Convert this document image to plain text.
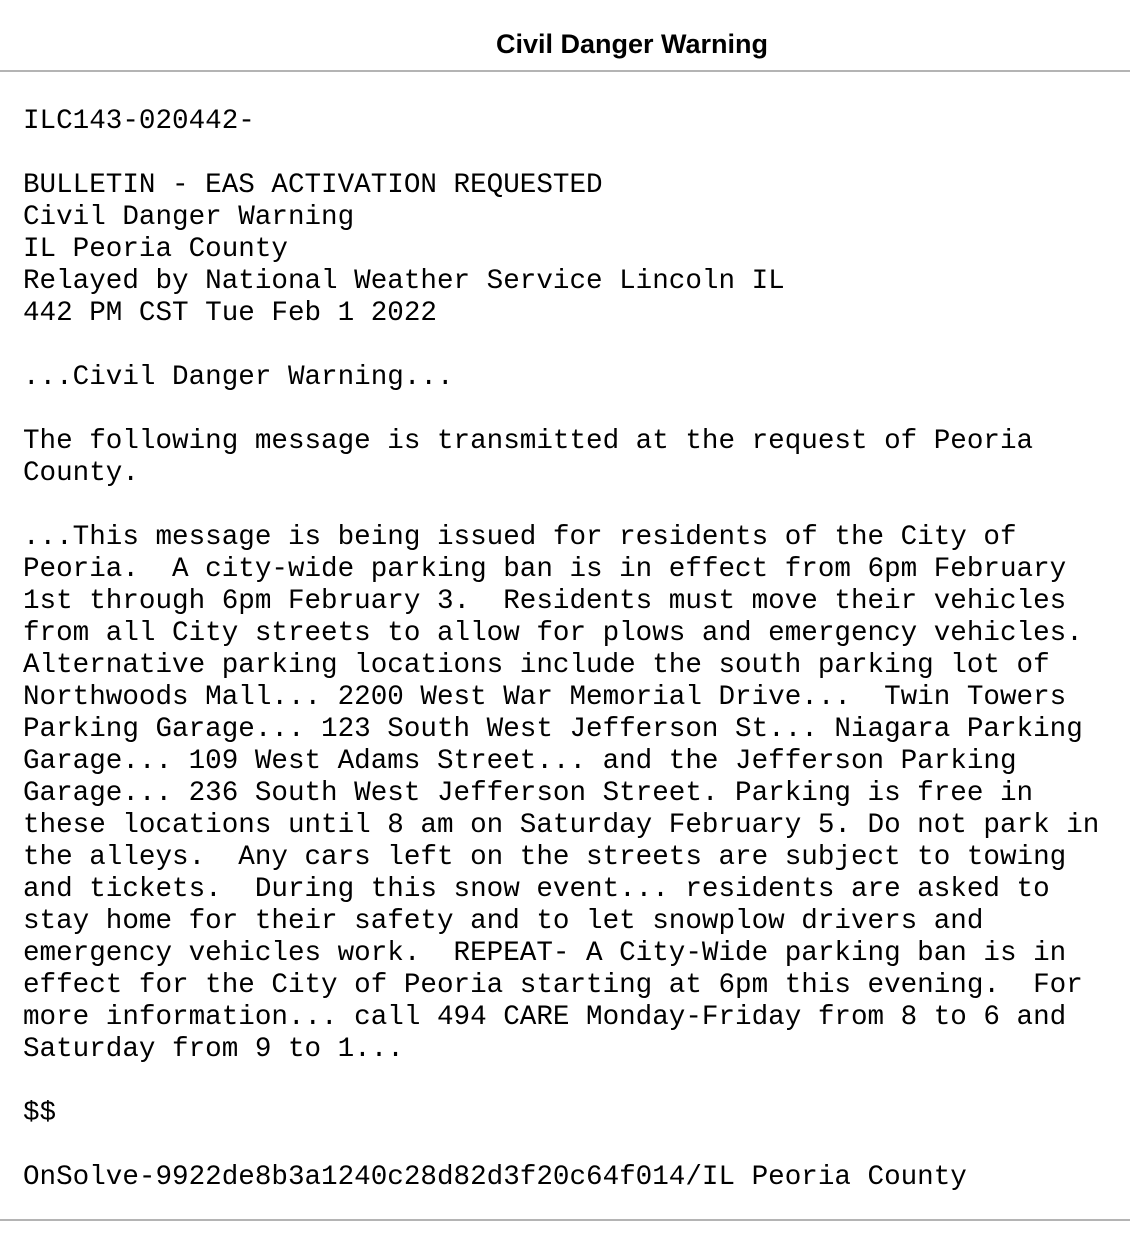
Civil Danger Warning
ILC143-020442-

BULLETIN - EAS ACTIVATION REQUESTED
Civil Danger Warning
IL Peoria County
Relayed by National Weather Service Lincoln IL
442 PM CST Tue Feb 1 2022

...Civil Danger Warning...

The following message is transmitted at the request of Peoria
County.

...This message is being issued for residents of the City of
Peoria.  A city-wide parking ban is in effect from 6pm February
1st through 6pm February 3.  Residents must move their vehicles
from all City streets to allow for plows and emergency vehicles.
Alternative parking locations include the south parking lot of
Northwoods Mall... 2200 West War Memorial Drive...  Twin Towers
Parking Garage... 123 South West Jefferson St... Niagara Parking
Garage... 109 West Adams Street... and the Jefferson Parking
Garage... 236 South West Jefferson Street. Parking is free in
these locations until 8 am on Saturday February 5. Do not park in
the alleys.  Any cars left on the streets are subject to towing
and tickets.  During this snow event... residents are asked to
stay home for their safety and to let snowplow drivers and
emergency vehicles work.  REPEAT- A City-Wide parking ban is in
effect for the City of Peoria starting at 6pm this evening.  For
more information... call 494 CARE Monday-Friday from 8 to 6 and
Saturday from 9 to 1...

$$

OnSolve-9922de8b3a1240c28d82d3f20c64f014/IL Peoria County
